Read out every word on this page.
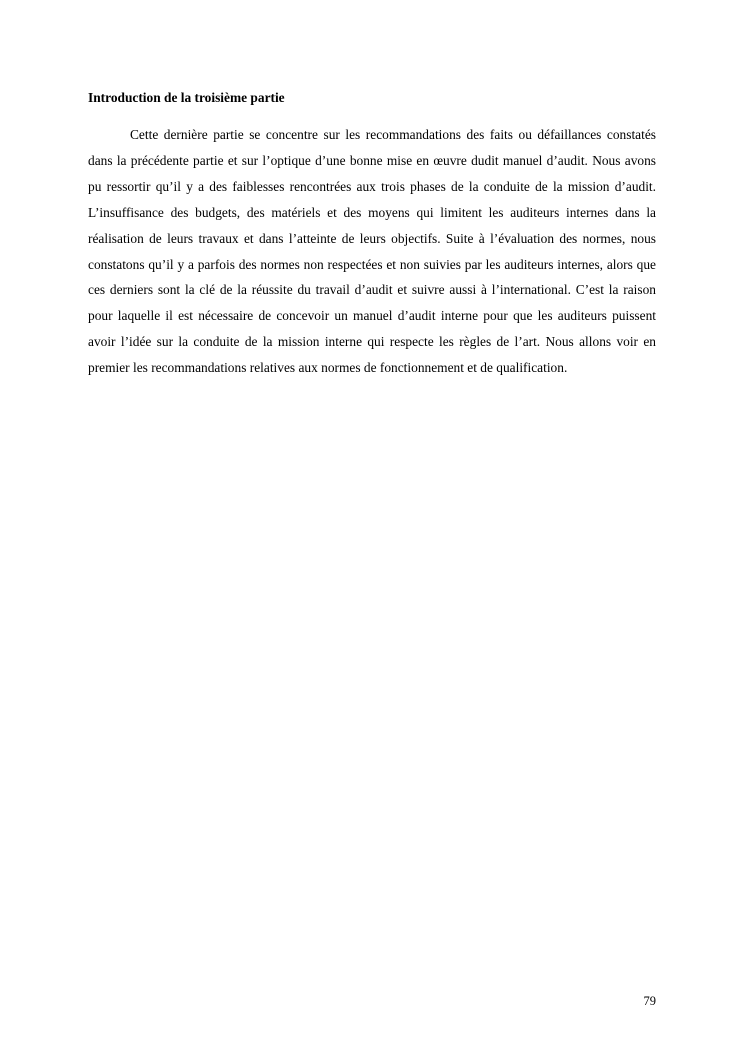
Introduction de la troisième partie

Cette dernière partie se concentre sur les recommandations des faits ou défaillances constatés dans la précédente partie et sur l’optique d’une bonne mise en œuvre dudit manuel d’audit. Nous avons pu ressortir qu’il y a des faiblesses rencontrées aux trois phases de la conduite de la mission d’audit. L’insuffisance des budgets, des matériels et des moyens qui limitent les auditeurs internes dans la réalisation de leurs travaux et dans l’atteinte de leurs objectifs. Suite à l’évaluation des normes, nous constatons qu’il y a parfois des normes non respectées et non suivies par les auditeurs internes, alors que ces derniers sont la clé de la réussite du travail d’audit et suivre aussi à l’international. C’est la raison pour laquelle il est nécessaire de concevoir un manuel d’audit interne pour que les auditeurs puissent avoir l’idée sur la conduite de la mission interne qui respecte les règles de l’art. Nous allons voir en premier les recommandations relatives aux normes de fonctionnement et de qualification.

79
